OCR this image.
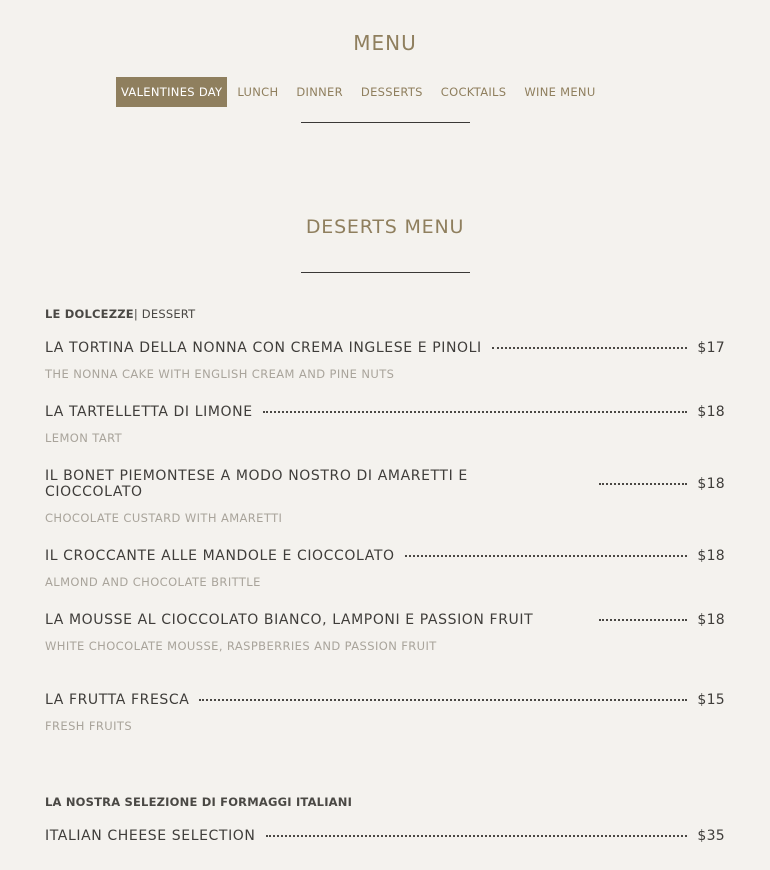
MENU
VALENTINES DAY	LUNCH	DINNER	DESSERTS	COCKTAILS	WINE MENU
DESERTS MENU
LE DOLCEZZE| DESSERT
LA TORTINA DELLA NONNA CON CREMA INGLESE E PINOLI	$17
THE NONNA CAKE WITH ENGLISH CREAM AND PINE NUTS
LA TARTELLETTA DI LIMONE	$18
LEMON TART
IL BONET PIEMONTESE A MODO NOSTRO DI AMARETTI E CIOCCOLATO	$18
CHOCOLATE CUSTARD WITH AMARETTI
IL CROCCANTE ALLE MANDOLE E CIOCCOLATO	$18
ALMOND AND CHOCOLATE BRITTLE
LA MOUSSE AL CIOCCOLATO BIANCO, LAMPONI E PASSION FRUIT	$18
WHITE CHOCOLATE MOUSSE, RASPBERRIES AND PASSION FRUIT
LA FRUTTA FRESCA	$15
FRESH FRUITS
LA NOSTRA SELEZIONE DI FORMAGGI ITALIANI
ITALIAN CHEESE SELECTION	$35
